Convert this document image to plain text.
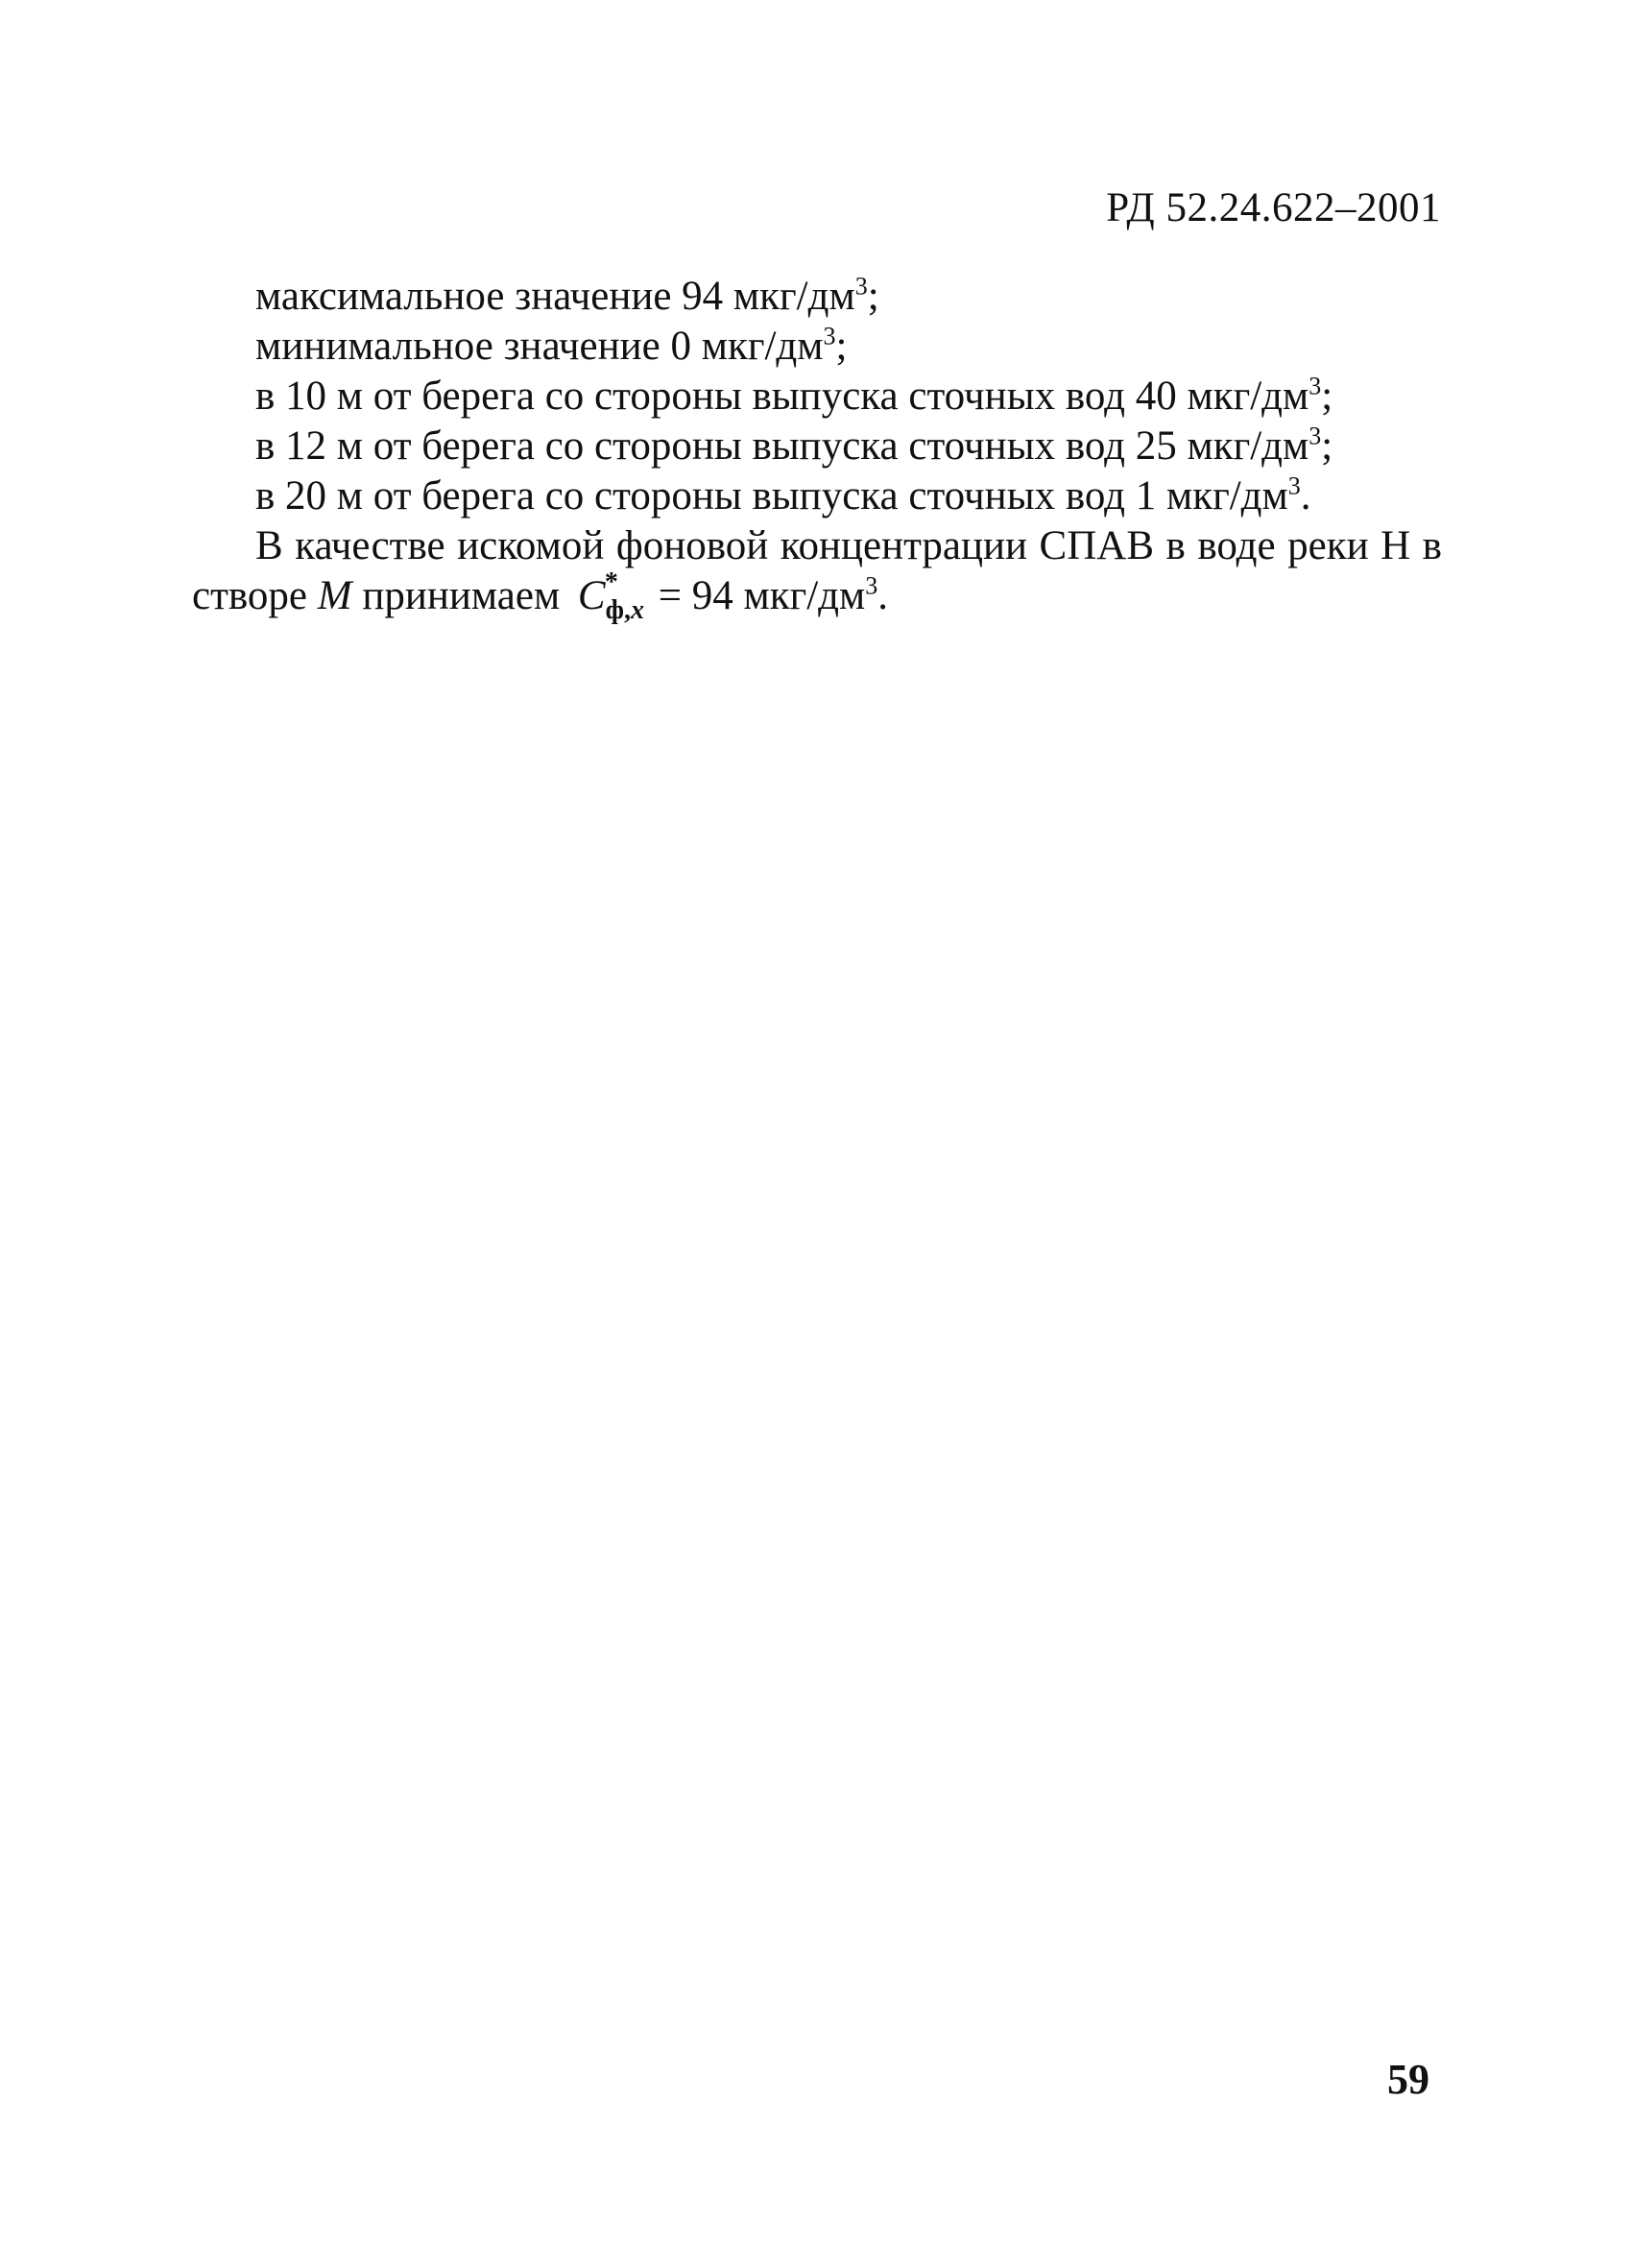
РД 52.24.622–2001
максимальное значение 94 мкг/$дм^3$;
минимальное значение 0 мкг/$дм^3$;
в 10 м от берега со стороны выпуска сточных вод 40 мкг/$дм^3$;
в 12 м от берега со стороны выпуска сточных вод 25 мкг/$дм^3$;
в 20 м от берега со стороны выпуска сточных вод 1 мкг/$дм^3$.
В качестве искомой фоновой концентрации СПАВ в воде реки Н в
створе М принимаем C *
$_{ф,x}$ = 94 мкг/$дм^3$.
59
